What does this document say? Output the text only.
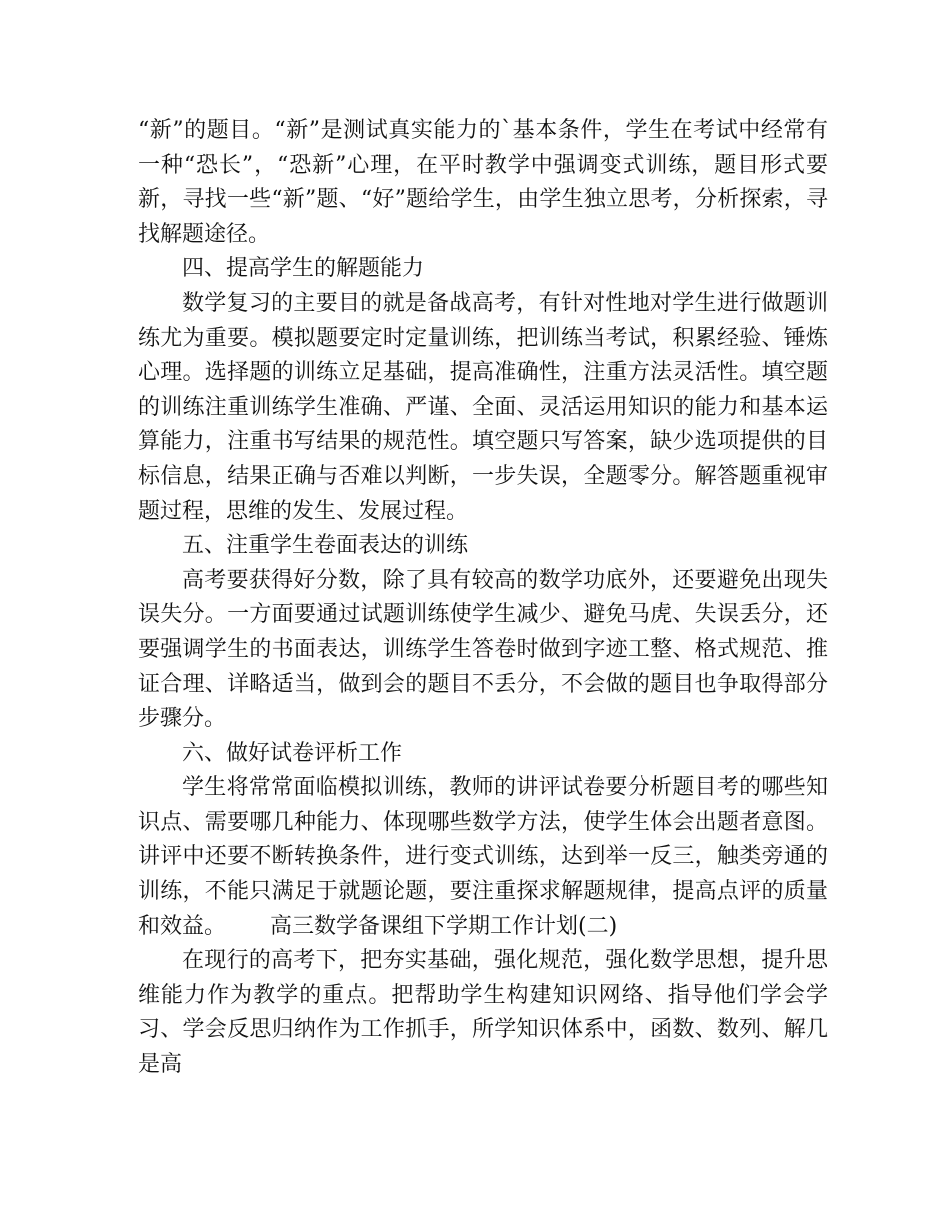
“新”的题目。“新”是测试真实能力的`基本条件，学生在考试中经常有一种“恐长”，“恐新”心理，在平时教学中强调变式训练，题目形式要新，寻找一些“新”题、“好”题给学生，由学生独立思考，分析探索，寻找解题途径。

四、提高学生的解题能力

数学复习的主要目的就是备战高考，有针对性地对学生进行做题训练尤为重要。模拟题要定时定量训练，把训练当考试，积累经验、锤炼心理。选择题的训练立足基础，提高准确性，注重方法灵活性。填空题的训练注重训练学生准确、严谨、全面、灵活运用知识的能力和基本运算能力，注重书写结果的规范性。填空题只写答案，缺少选项提供的目标信息，结果正确与否难以判断，一步失误，全题零分。解答题重视审题过程，思维的发生、发展过程。

五、注重学生卷面表达的训练

高考要获得好分数，除了具有较高的数学功底外，还要避免出现失误失分。一方面要通过试题训练使学生减少、避免马虎、失误丢分，还要强调学生的书面表达，训练学生答卷时做到字迹工整、格式规范、推证合理、详略适当，做到会的题目不丢分，不会做的题目也争取得部分步骤分。

六、做好试卷评析工作

学生将常常面临模拟训练，教师的讲评试卷要分析题目考的哪些知识点、需要哪几种能力、体现哪些数学方法，使学生体会出题者意图。讲评中还要不断转换条件，进行变式训练，达到举一反三，触类旁通的训练，不能只满足于就题论题，要注重探求解题规律，提高点评的质量和效益。 高三数学备课组下学期工作计划(二)

在现行的高考下，把夯实基础，强化规范，强化数学思想，提升思维能力作为教学的重点。把帮助学生构建知识网络、指导他们学会学习、学会反思归纳作为工作抓手，所学知识体系中，函数、数列、解几是高
